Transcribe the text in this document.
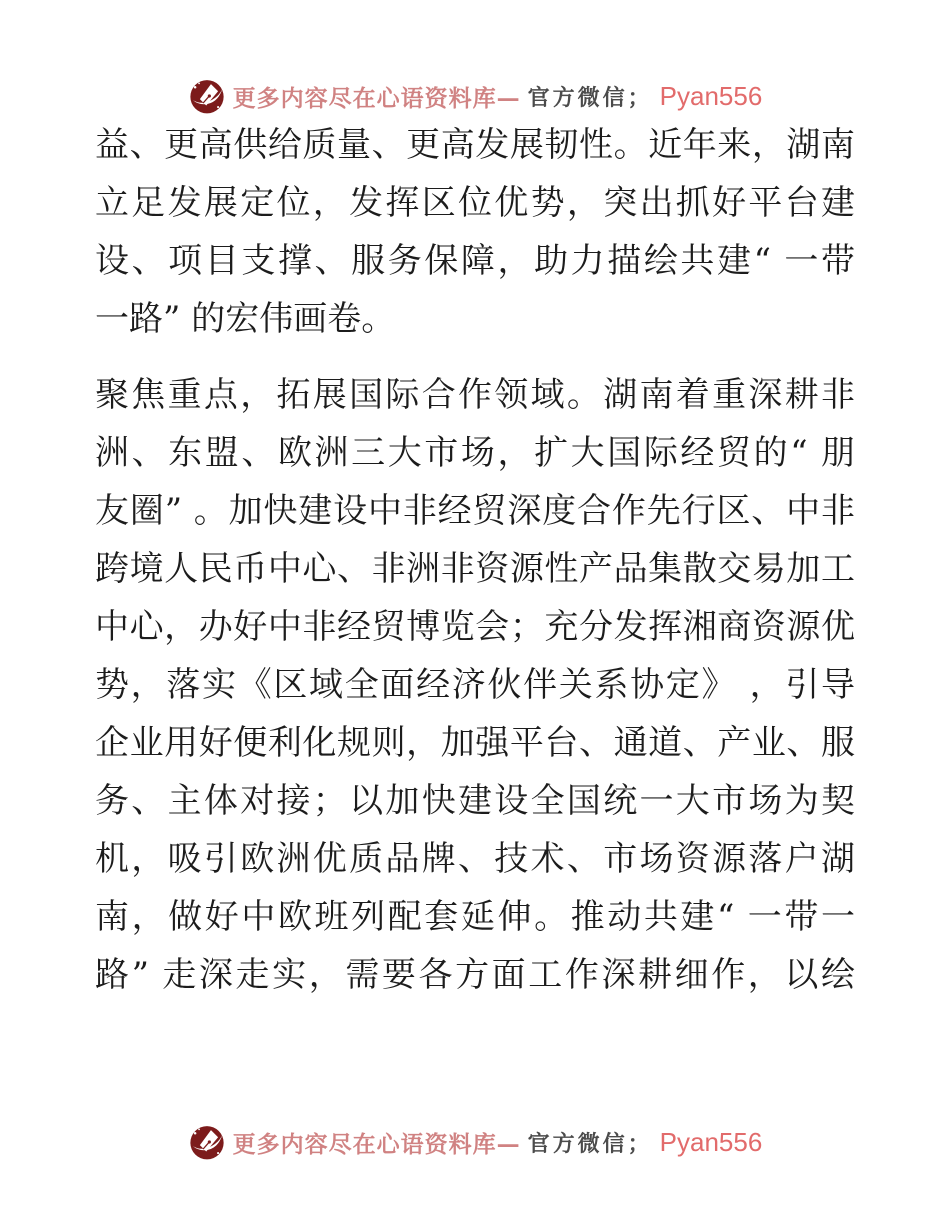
更多内容尽在心语资料库— 官方微信； Pyan556
益、更高供给质量、更高发展韧性。近年来，湖南
立足发展定位，发挥区位优势，突出抓好平台建
设、项目支撑、服务保障，助力描绘共建“ 一带
一路” 的宏伟画卷。
聚焦重点，拓展国际合作领域。湖南着重深耕非
洲、东盟、欧洲三大市场，扩大国际经贸的“ 朋
友圈” 。加快建设中非经贸深度合作先行区、中非
跨境人民币中心、非洲非资源性产品集散交易加工
中心，办好中非经贸博览会；充分发挥湘商资源优
势，落实《区域全面经济伙伴关系协定》 ，引导
企业用好便利化规则，加强平台、通道、产业、服
务、主体对接；以加快建设全国统一大市场为契
机，吸引欧洲优质品牌、技术、市场资源落户湖
南，做好中欧班列配套延伸。推动共建“ 一带一
路” 走深走实，需要各方面工作深耕细作，以绘
更多内容尽在心语资料库— 官方微信； Pyan556
